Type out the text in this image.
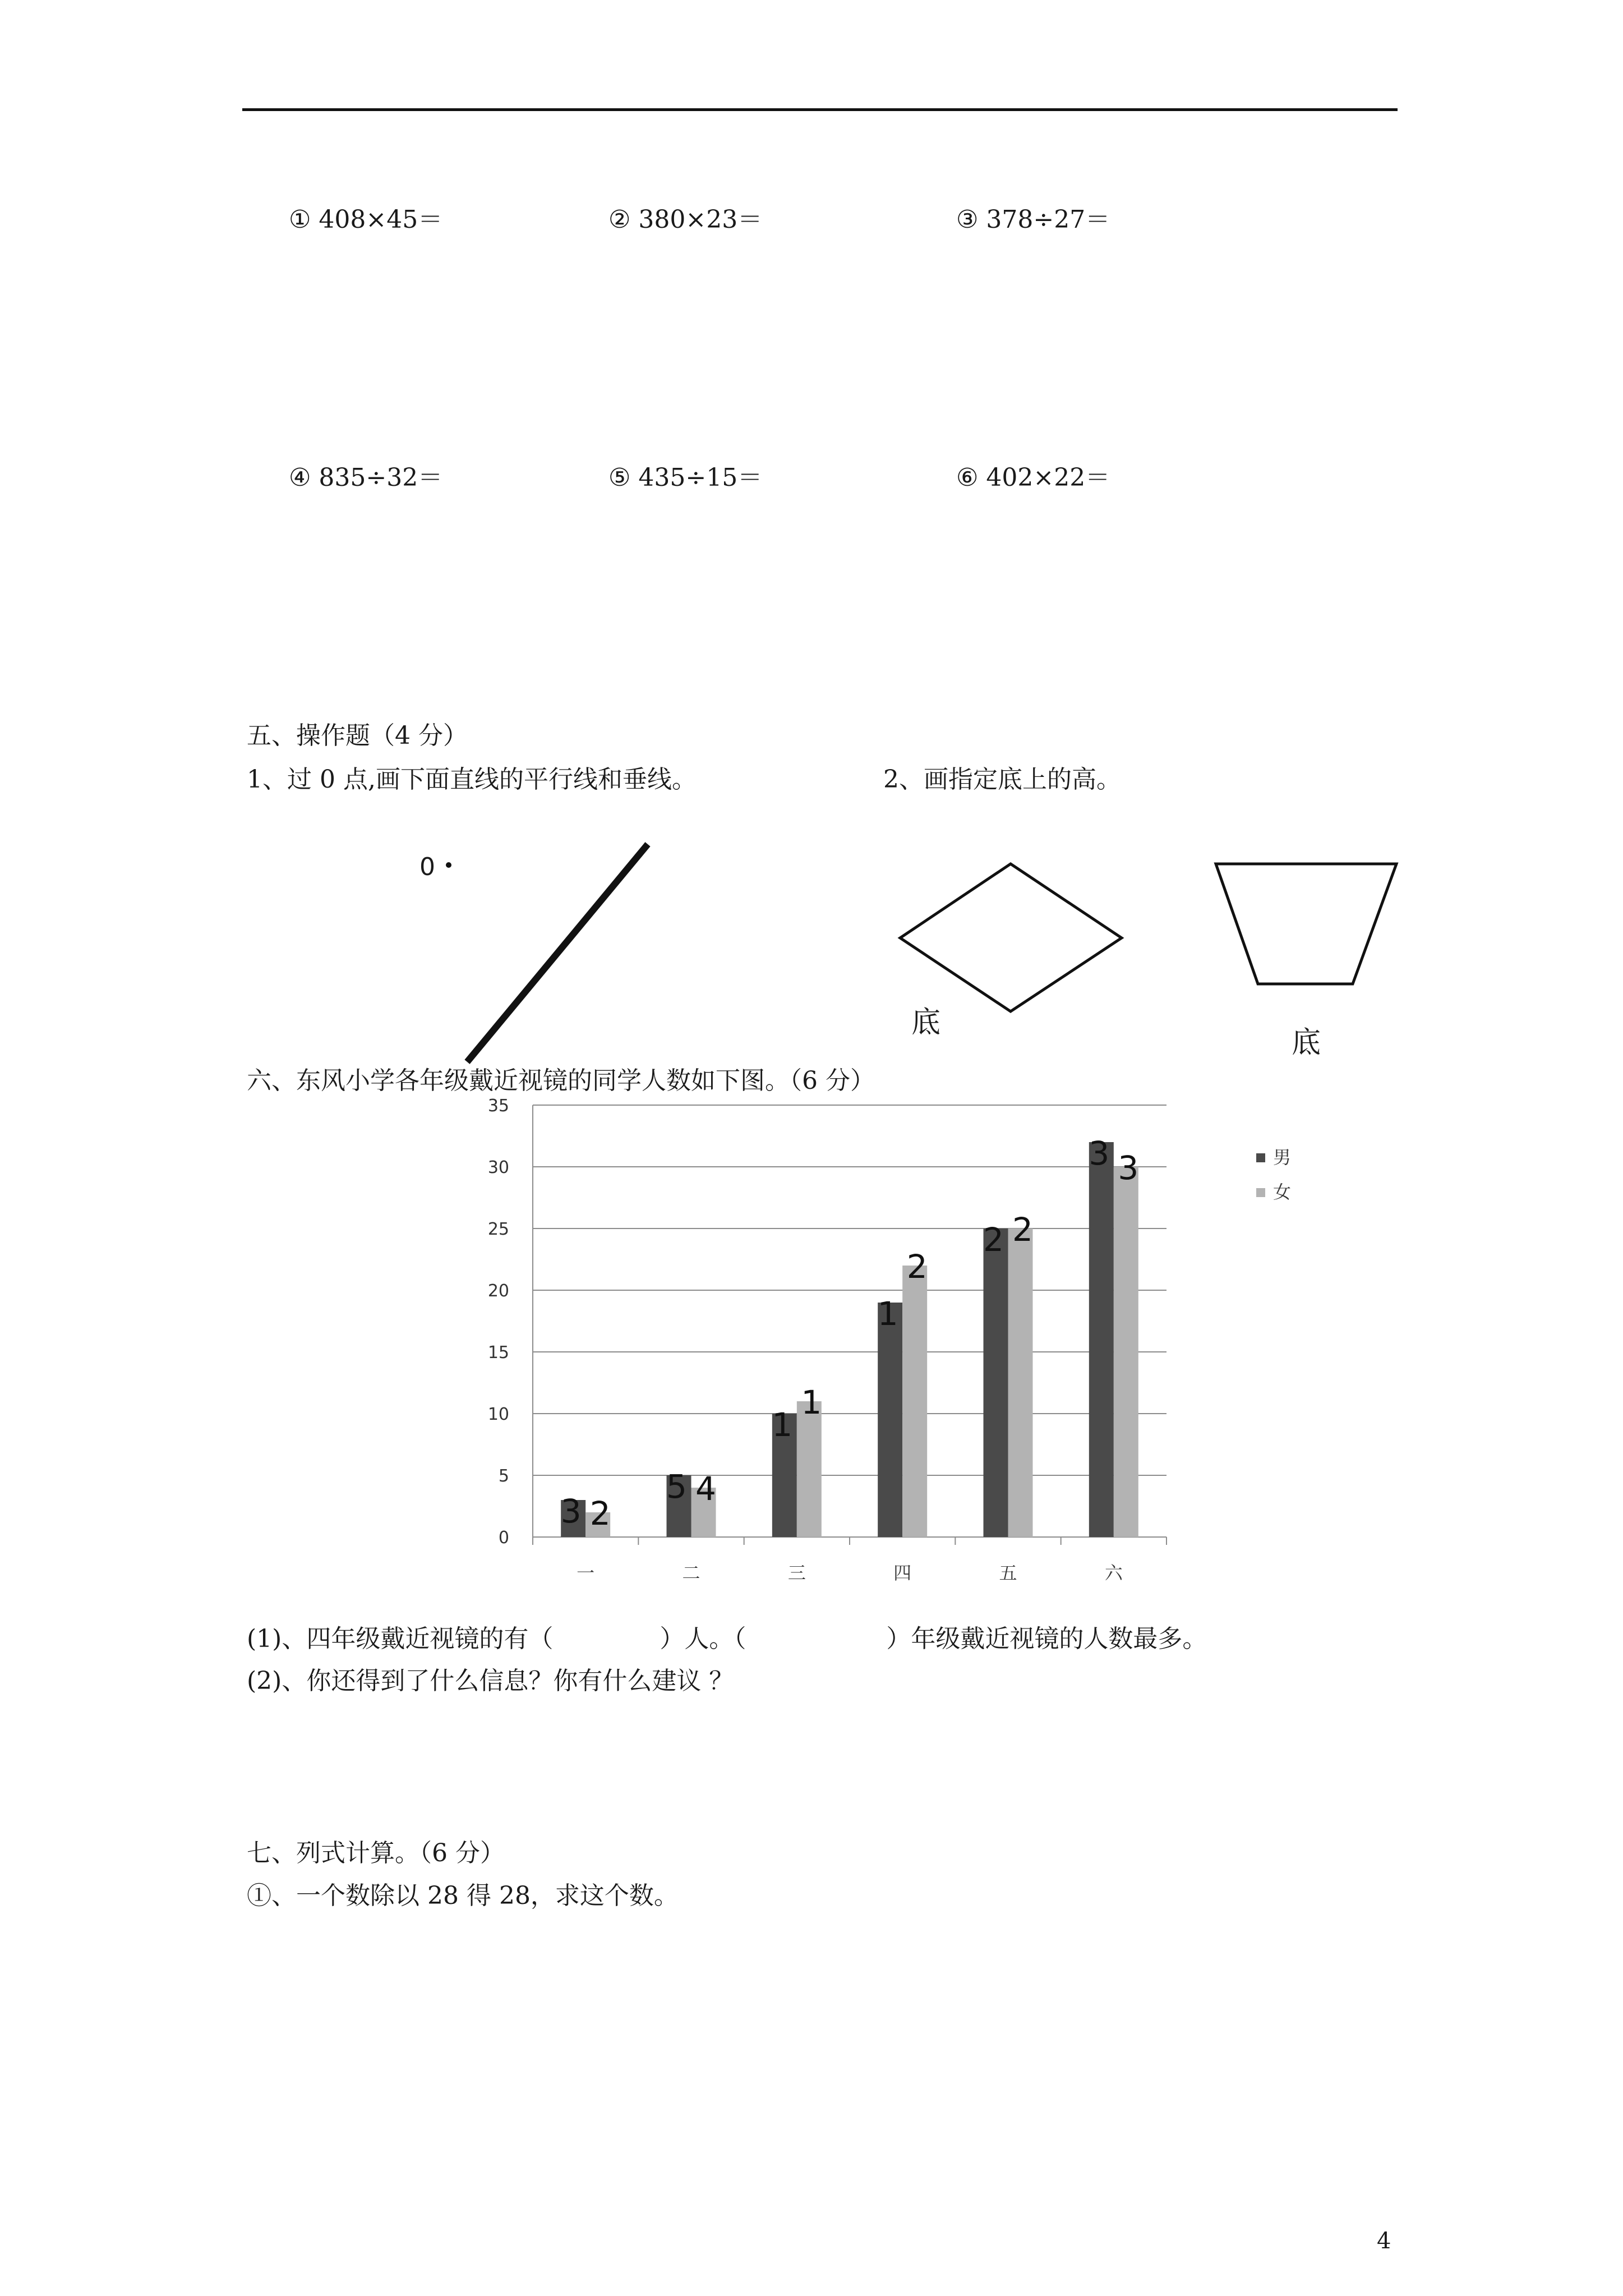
① 408×45＝	② 380×23＝	③ 378÷27＝
④ 835÷32＝	⑤ 435÷15＝	⑥ 402×22＝
五、操作题（4 分）
1、过 0 点,画下面直线的平行线和垂线。	2、画指定底上的高。
0
底
底
六、东风小学各年级戴近视镜的同学人数如下图。（6 分）
0
5
10
15
20
25
30
35
一
3 2
二
5 4
三
1
1
四
1
2
五
2 2
六
3 3	男
女
(1)、四年级戴近视镜的有（	）人。（	）年级戴近视镜的人数最多。
(2)、你还得到了什么信息？你有什么建议 ？
七、列式计算。（6 分）
①、一个数除以 28 得 28，求这个数。
4
